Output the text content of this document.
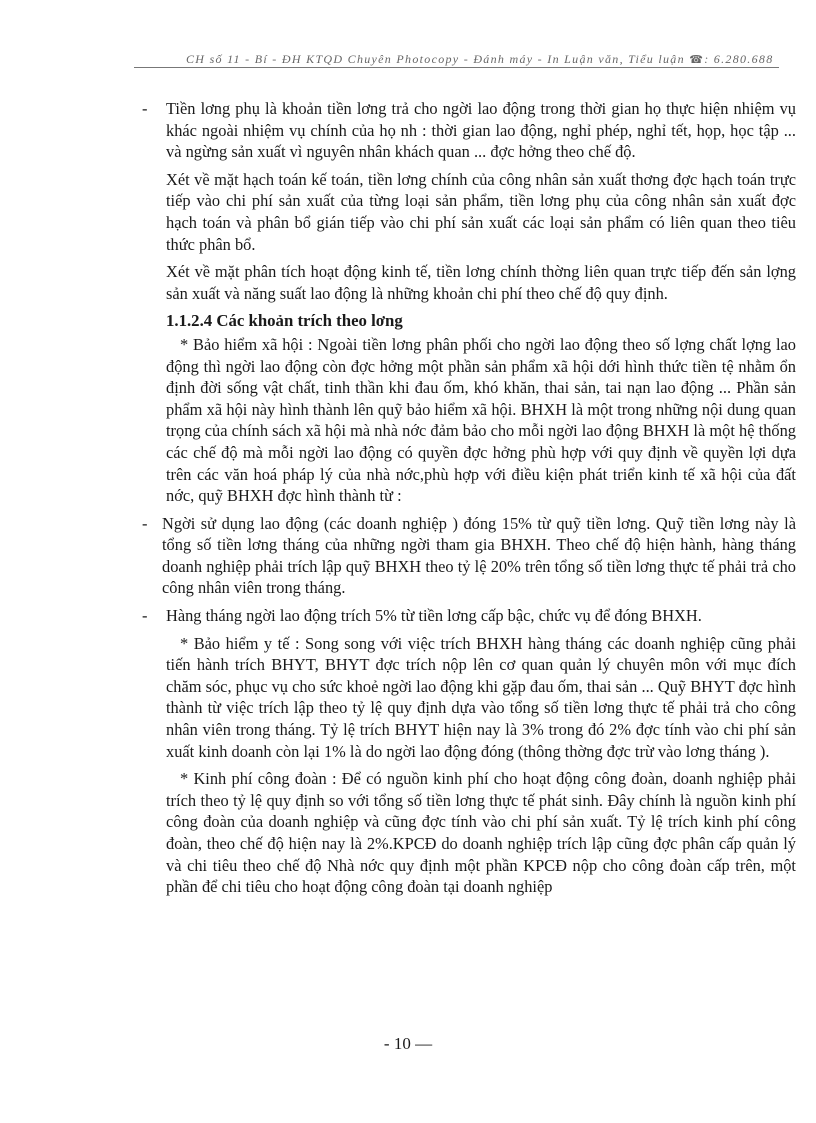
CH số 11 - Bí - ĐH KTQD Chuyên Photocopy - Đánh máy - In Luận văn, Tiểu luận ☎: 6.280.688
- Tiền lơng phụ là khoản tiền lơng trả cho ngời lao động trong thời gian họ thực hiện nhiệm vụ khác ngoài nhiệm vụ chính của họ nh : thời gian lao động, nghỉ phép, nghỉ tết, họp, học tập ... và ngừng sản xuất vì nguyên nhân khách quan ... đợc hởng theo chế độ.

Xét về mặt hạch toán kế toán, tiền lơng chính của công nhân sản xuất thơng đợc hạch toán trực tiếp vào chi phí sản xuất của từng loại sản phẩm, tiền lơng phụ của công nhân sản xuất đợc hạch toán và phân bổ gián tiếp vào chi phí sản xuất các loại sản phẩm có liên quan theo tiêu thức phân bổ.

Xét về mặt phân tích hoạt động kinh tế, tiền lơng chính thờng liên quan trực tiếp đến sản lợng sản xuất và năng suất lao động là những khoản chi phí theo chế độ quy định.

1.1.2.4 Các khoản trích theo lơng

* Bảo hiểm xã hội : Ngoài tiền lơng phân phối cho ngời lao động theo số lợng chất lợng lao động thì ngời lao động còn đợc hởng một phần sản phẩm xã hội dới hình thức tiền tệ nhằm ổn định đời sống vật chất, tinh thần khi đau ốm, khó khăn, thai sản, tai nạn lao động ... Phần sản phẩm xã hội này hình thành lên quỹ bảo hiểm xã hội. BHXH là một trong những nội dung quan trọng của chính sách xã hội mà nhà nớc đảm bảo cho mỗi ngời lao động BHXH là một hệ thống các chế độ mà mỗi ngời lao động có quyền đợc hởng phù hợp với quy định về quyền lợi dựa trên các văn hoá pháp lý của nhà nớc,phù hợp với điều kiện phát triển kinh tế xã hội của đất nớc, quỹ BHXH đợc hình thành từ :

- Ngời sử dụng lao động (các doanh nghiệp ) đóng 15% từ quỹ tiền lơng. Quỹ tiền lơng này là tổng số tiền lơng tháng của những ngời tham gia BHXH. Theo chế độ hiện hành, hàng tháng doanh nghiệp phải trích lập quỹ BHXH theo tỷ lệ 20% trên tổng số tiền lơng thực tế phải trả cho công nhân viên trong tháng.
- Hàng tháng ngời lao động trích 5% từ tiền lơng cấp bậc, chức vụ để đóng BHXH.

* Bảo hiểm y tế : Song song với việc trích BHXH hàng tháng các doanh nghiệp cũng phải tiến hành trích BHYT, BHYT đợc trích nộp lên cơ quan quản lý chuyên môn với mục đích chăm sóc, phục vụ cho sức khoẻ ngời lao động khi gặp đau ốm, thai sản ... Quỹ BHYT đợc hình thành từ việc trích lập theo tỷ lệ quy định dựa vào tổng số tiền lơng thực tế phải trả cho công nhân viên trong tháng. Tỷ lệ trích BHYT hiện nay là 3% trong đó 2% đợc tính vào chi phí sản xuất kinh doanh còn lại 1% là do ngời lao động đóng (thông thờng đợc trừ vào lơng tháng ).

* Kinh phí công đoàn : Để có nguồn kinh phí cho hoạt động công đoàn, doanh nghiệp phải trích theo tỷ lệ quy định so với tổng số tiền lơng thực tế phát sinh. Đây chính là nguồn kinh phí công đoàn của doanh nghiệp và cũng đợc tính vào chi phí sản xuất. Tỷ lệ trích kinh phí công đoàn, theo chế độ hiện nay là 2%.KPCĐ do doanh nghiệp trích lập cũng đợc phân cấp quản lý và chi tiêu theo chế độ Nhà nớc quy định một phần KPCĐ nộp cho công đoàn cấp trên, một phần để chi tiêu cho hoạt động công đoàn tại doanh nghiệp

- 10 —
